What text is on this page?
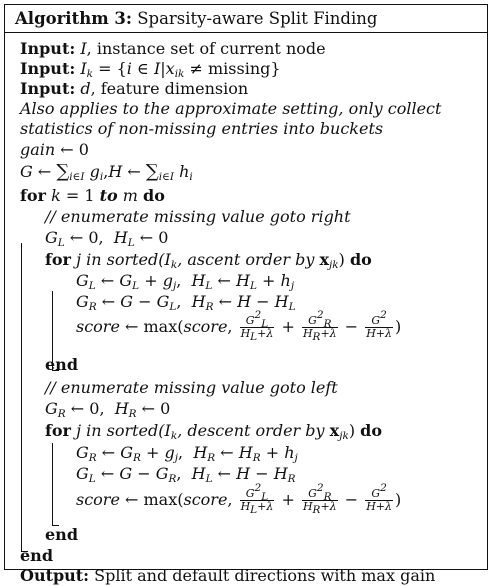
Algorithm 3: Sparsity-aware Split Finding
Input: I, instance set of current node
Input: $I_k = \{i$ ∈ $I|x_{ik} \ne missing$}
Input: d, feature dimension
Also applies to the approximate setting, only collect
statistics of non-missing entries into buckets
gain ← 0
G ← $\sum_{i\in I}$ $g_i,H$ ← $\sum_{i\in I}$ $h_i$
for k = 1 to m do
// enumerate missing value goto right
$G_L$ ← 0,  $H_L$ ← 0
for j in $sorted(I_k$, ascent order by $x_{jk}$) do
$G_L$ ← $G_L + g_j$,  $H_L$ ← $H_L + h_j$
$G_R$ ← $G - G_L$,  $H_R$ ← $H - H_L$
score ← max(score, $\frac{G^2_L}{H_L+\lambda} + \frac{G^2_R}{H_R+\lambda} - \frac{G^2}{H+\lambda}$ )
end
// enumerate missing value goto left
$G_R$ ← 0,  $H_R$ ← 0
for j in $sorted(I_k$, descent order by $x_{jk}$) do
$G_R$ ← $G_R + g_j$,  $H_R$ ← $H_R + h_j$
$G_L$ ← $G - G_R$,  $H_L$ ← $H - H_R$
score ← max(score, $\frac{G^2_L}{H_L+\lambda} + \frac{G^2_R}{H_R+\lambda} - \frac{G^2}{H+\lambda}$ )
end
end
Output: Split and default directions with max gain
